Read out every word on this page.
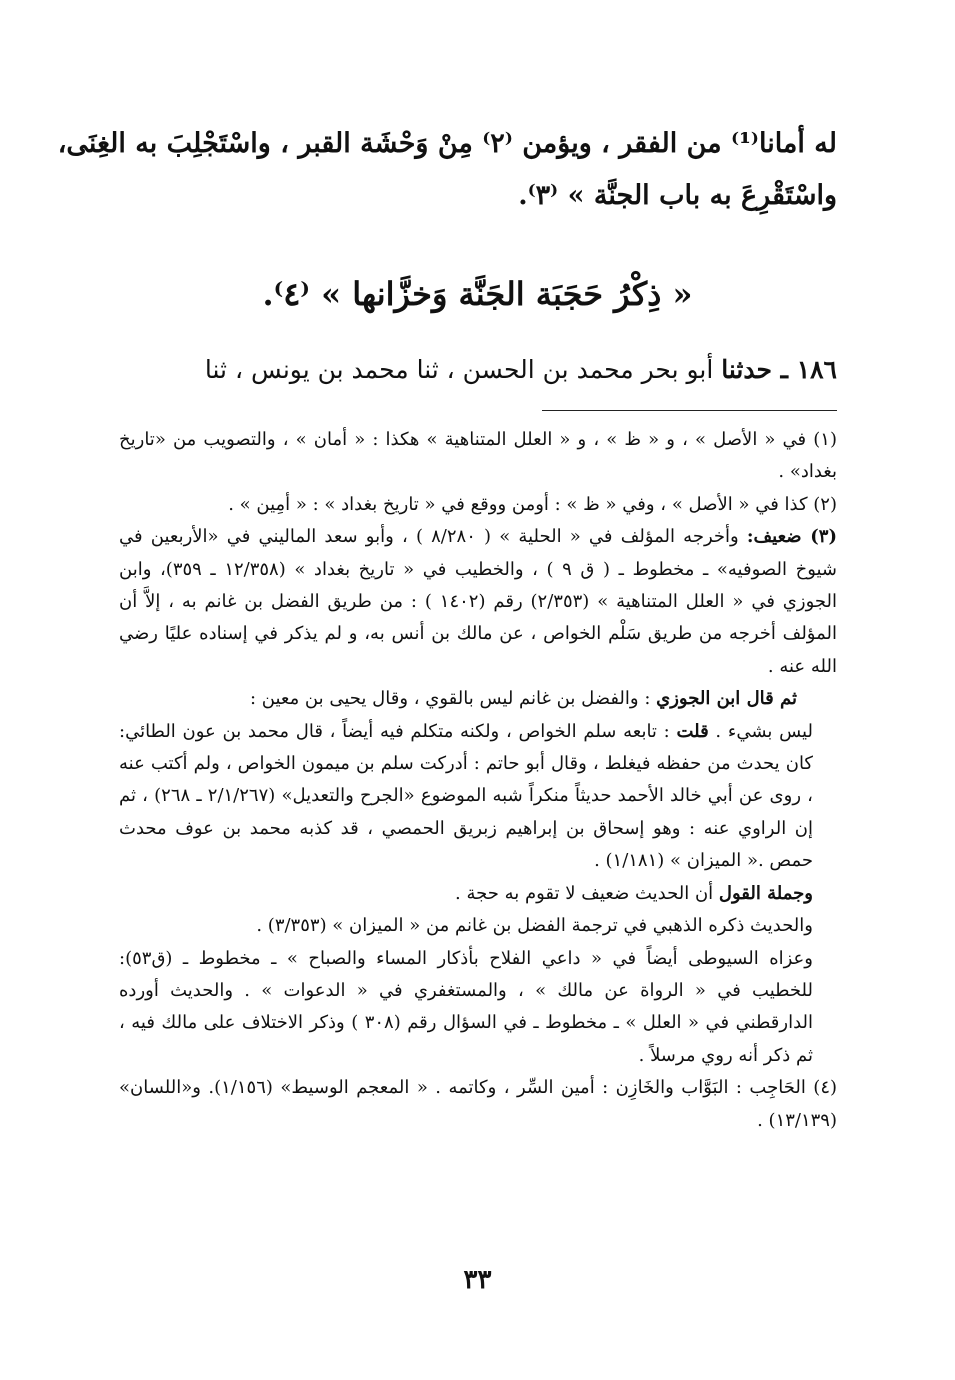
له أمانا⁽¹⁾ من الفقر ، ويؤمن ⁽٢⁾ مِنْ وَحْشَة القبر ، واسْتَجْلِبَ به الغِنَى،
واسْتَقْرِعَ به باب الجنَّة » ⁽٣⁾.
« ذِكْرُ حَجَبَة الجَنَّة وَخزَّانها » ⁽٤⁾.
١٨٦ ـ حدثنا أبو بحر محمد بن الحسن ، ثنا محمد بن يونس ، ثنا

(١) في « الأصل » ، و « ظ » ، و « العلل المتناهية » هكذا : « أمان » ، والتصويب من «تاريخ بغداد» .

(٢) كذا في « الأصل » ، وفي « ظ » : أومن ووقع في « تاريخ بغداد » : « أمِين » .

(٣) ضعيف: وأخرجه المؤلف في « الحلية » ( ٨/٢٨٠ ) ، وأبو سعد الماليني في «الأربعين في شيوخ الصوفيه» ـ مخطوط ـ ( ق ٩ ) ، والخطيب في « تاريخ بغداد » (١٢/٣٥٨ ـ ٣٥٩)، وابن الجوزي في « العلل المتناهية » (٢/٣٥٣) رقم (١٤٠٢ ) : من طريق الفضل بن غانم به ، إلاَّ أن المؤلف أخرجه من طريق سَلْم الخواص ، عن مالك بن أنس به، و لم يذكر في إسناده عليًا رضي الله عنه .

ثم قال ابن الجوزي : والفضل بن غانم ليس بالقوي ، وقال يحيى بن معين :

ليس بشيء . قلت : تابعه سلم الخواص ، ولكنه متكلم فيه أيضاً ، قال محمد بن عون الطائي: كان يحدث من حفظه فيغلط ، وقال أبو حاتم : أدركت سلم بن ميمون الخواص ، ولم أكتب عنه ، روى عن أبي خالد الأحمد حديثاً منكراً شبه الموضوع «الجرح والتعديل» (٢/١/٢٦٧ ـ ٢٦٨) ، ثم إن الراوي عنه : وهو إسحاق بن إبراهيم زبريق الحمصي ، قد كذبه محمد بن عوف محدث حمص .« الميزان » (١/١٨١) .

وجملة القول أن الحديث ضعيف لا تقوم به حجة .

والحديث ذكره الذهبي في ترجمة الفضل بن غانم من « الميزان » (٣/٣٥٣) .

وعزاه السيوطى أيضاً في « داعي الفلاح بأذكار المساء والصباح » ـ مخطوط ـ (ق٥٣): للخطيب في « الرواة عن مالك » ، والمستغفري في « الدعوات » . والحديث أورده الدارقطني في « العلل » ـ مخطوط ـ في السؤال رقم (٣٠٨ ) وذكر الاختلاف على مالك فيه ، ثم ذكر أنه روي مرسلاً .

(٤) الحَاجِب : البَوَّاب والخَازِن : أمين السِّر ، وكاتمه . « المعجم الوسيط» (١/١٥٦). و«اللسان» (١٣/١٣٩) .

٣٣
